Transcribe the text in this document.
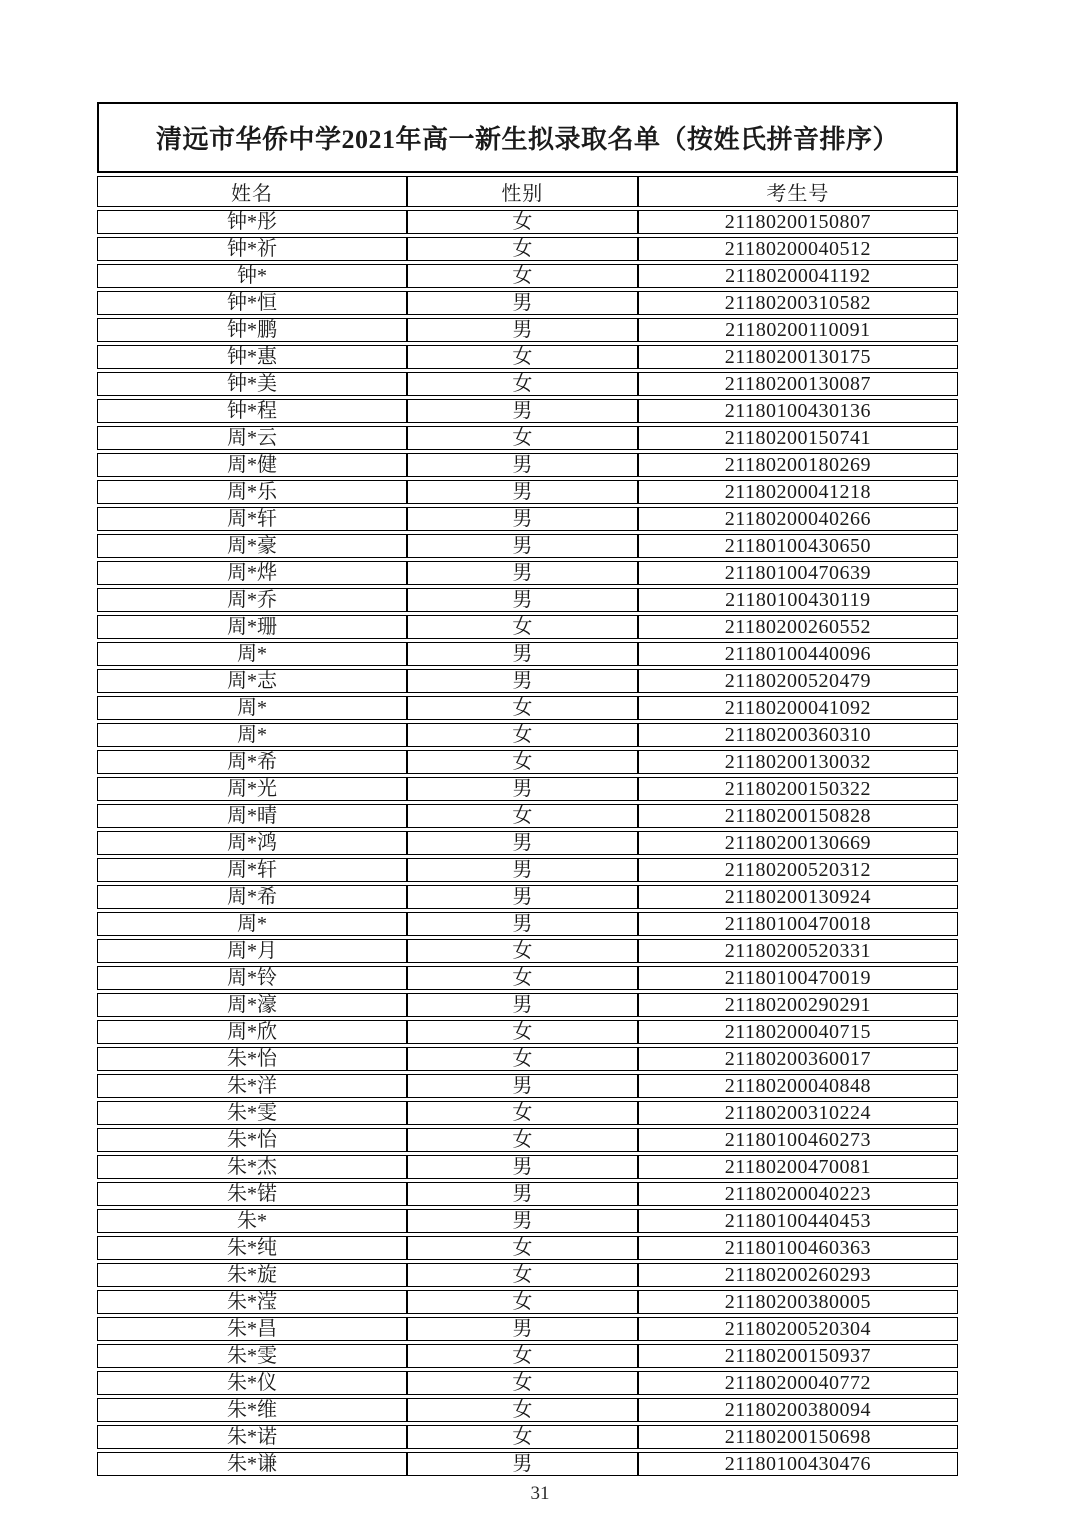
清远市华侨中学2021年高一新生拟录取名单（按姓氏拼音排序）
姓名	性别	考生号
钟*彤	女	21180200150807
钟*祈	女	21180200040512
钟*	女	21180200041192
钟*恒	男	21180200310582
钟*鹏	男	21180200110091
钟*惠	女	21180200130175
钟*美	女	21180200130087
钟*程	男	21180100430136
周*云	女	21180200150741
周*健	男	21180200180269
周*乐	男	21180200041218
周*轩	男	21180200040266
周*豪	男	21180100430650
周*烨	男	21180100470639
周*乔	男	21180100430119
周*珊	女	21180200260552
周*	男	21180100440096
周*志	男	21180200520479
周*	女	21180200041092
周*	女	21180200360310
周*希	女	21180200130032
周*光	男	21180200150322
周*晴	女	21180200150828
周*鸿	男	21180200130669
周*轩	男	21180200520312
周*希	男	21180200130924
周*	男	21180100470018
周*月	女	21180200520331
周*铃	女	21180100470019
周*濠	男	21180200290291
周*欣	女	21180200040715
朱*怡	女	21180200360017
朱*洋	男	21180200040848
朱*雯	女	21180200310224
朱*怡	女	21180100460273
朱*杰	男	21180200470081
朱*锘	男	21180200040223
朱*	男	21180100440453
朱*纯	女	21180100460363
朱*旋	女	21180200260293
朱*滢	女	21180200380005
朱*昌	男	21180200520304
朱*雯	女	21180200150937
朱*仪	女	21180200040772
朱*维	女	21180200380094
朱*诺	女	21180200150698
朱*谦	男	21180100430476
31
